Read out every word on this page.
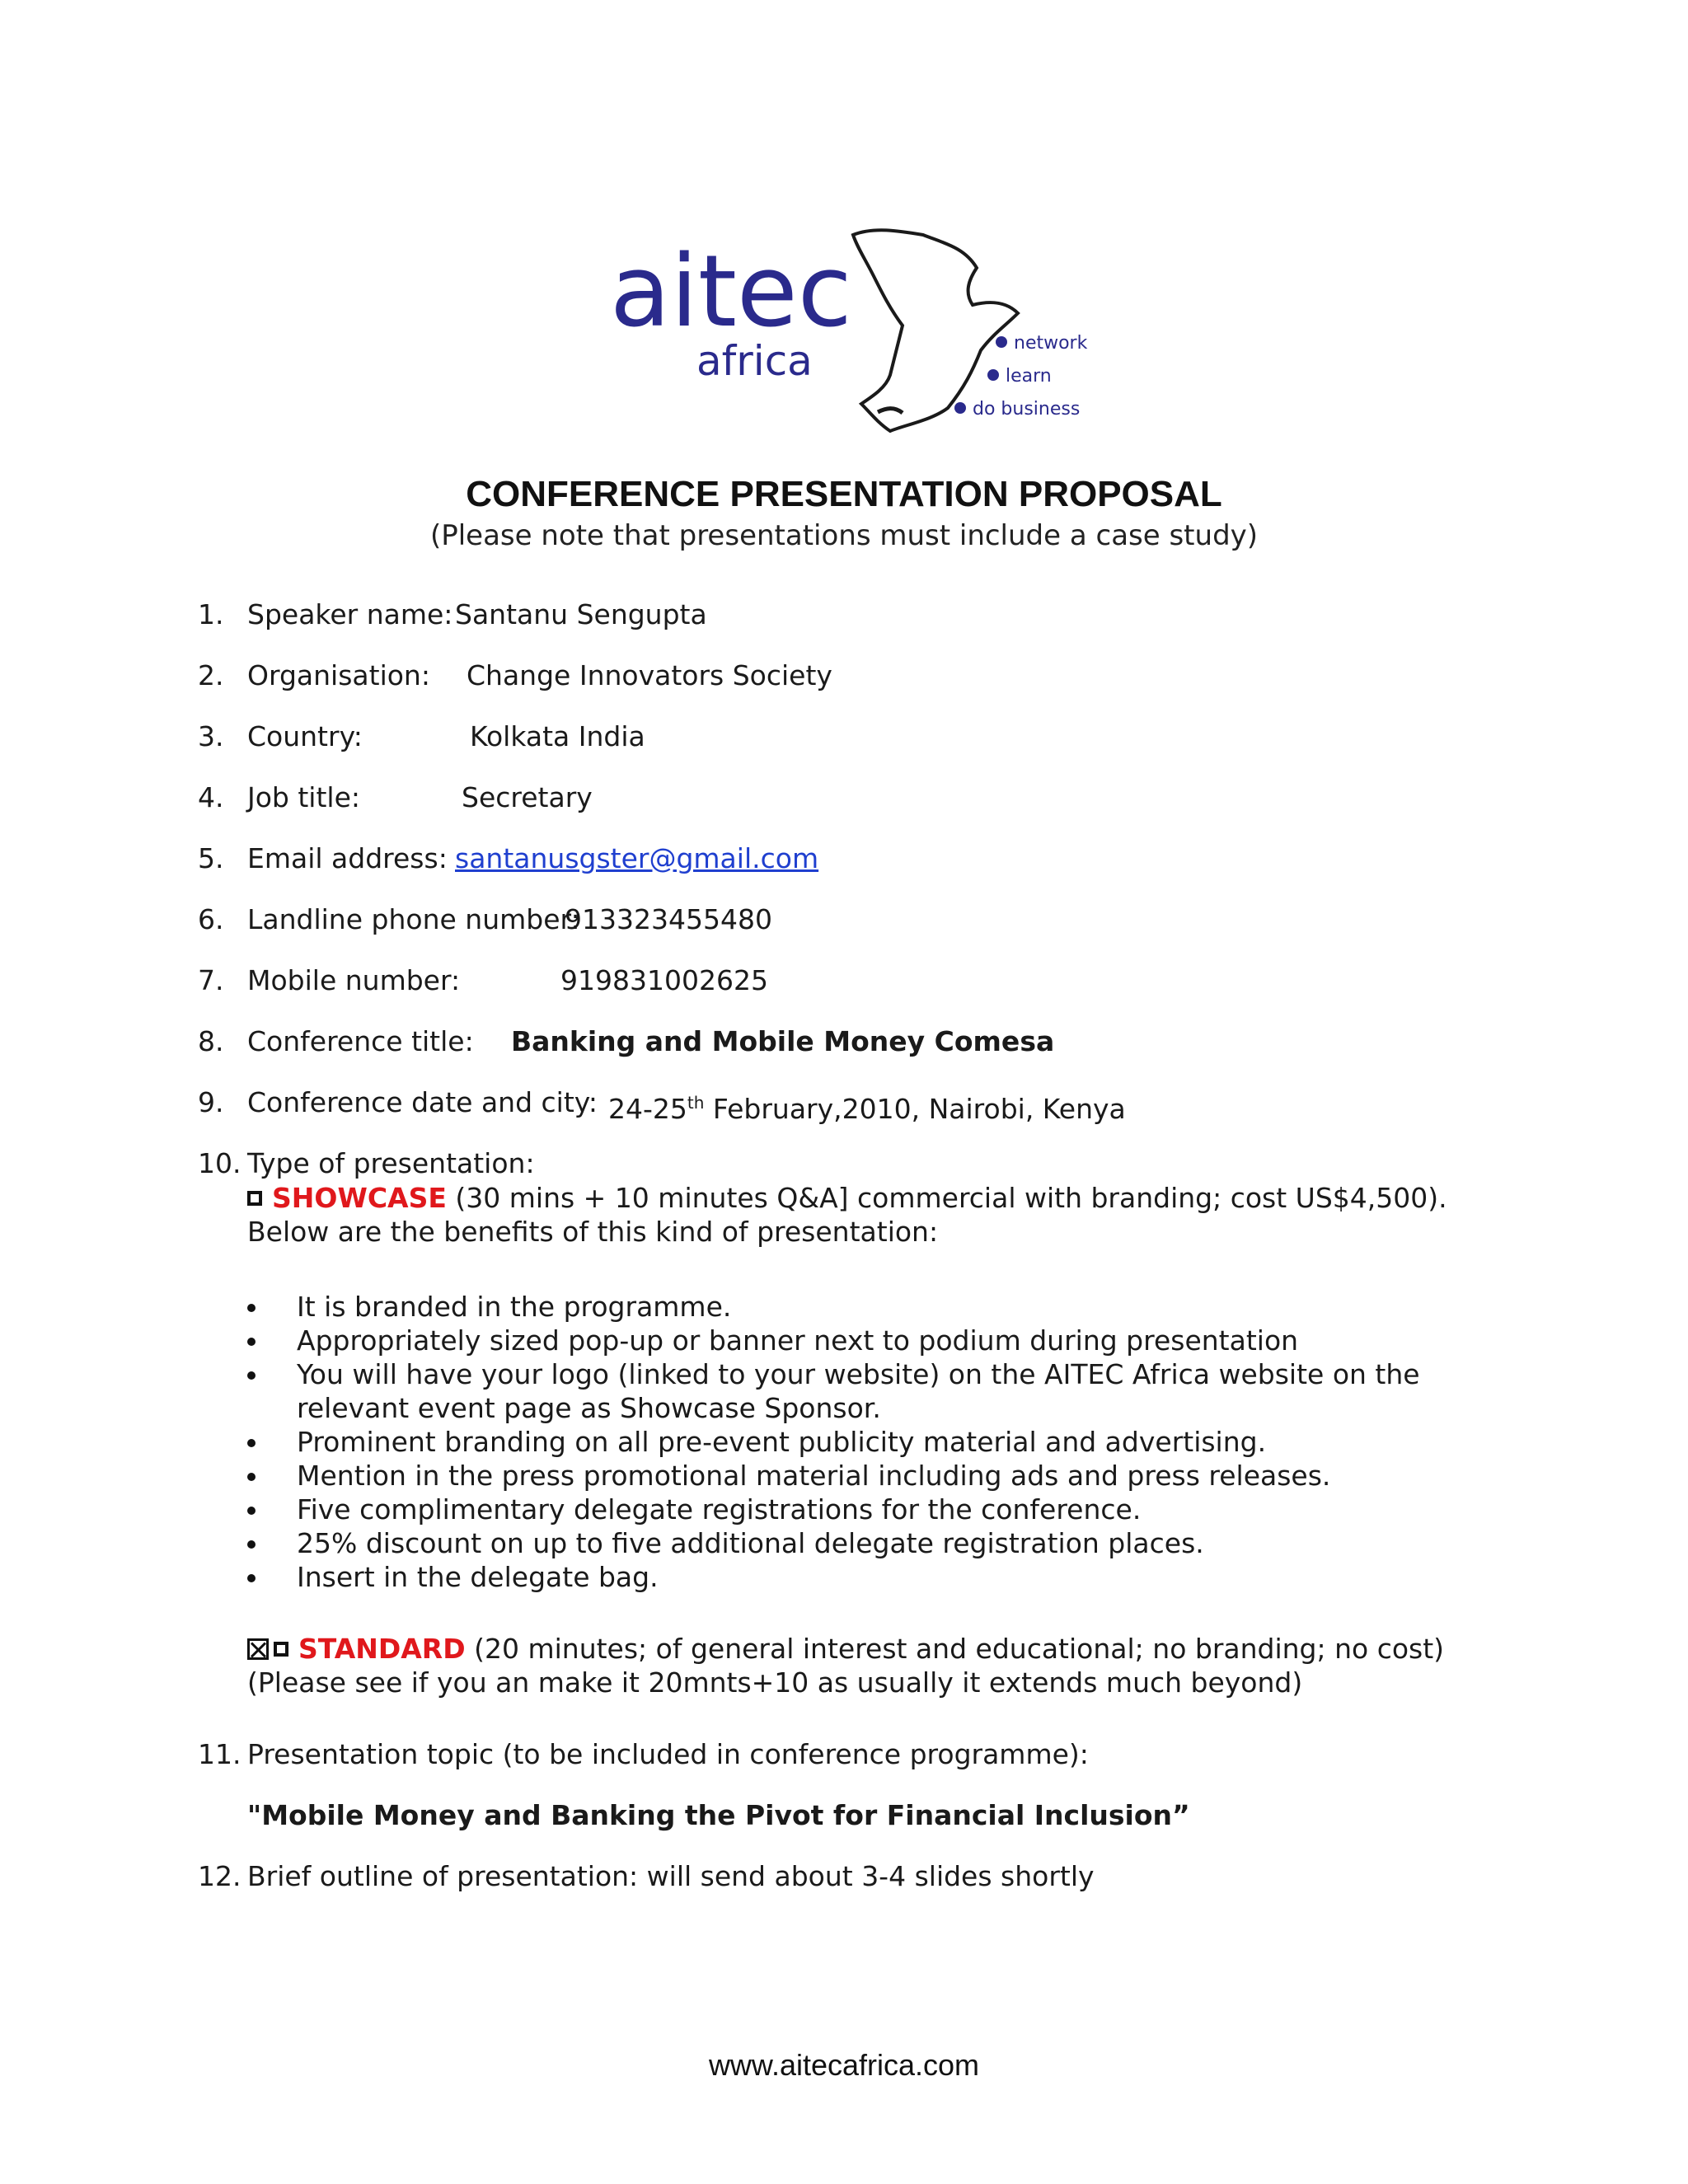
aitec
africa	network
learn
do business
CONFERENCE PRESENTATION PROPOSAL
(Please note that presentations must include a case study)
1. Speaker name: Santanu Sengupta
2. Organisation: Change Innovators Society
3. Country:	Kolkata India
4. Job title:	Secretary
5. Email address: santanusgster@gmail.com
6. Landline phone number:
913323455480
7. Mobile number:	919831002625
8. Conference title: Banking and Mobile Money Comesa
9. Conference date and city: 24-25th February,2010, Nairobi, Kenya
10. Type of presentation:
SHOWCASE (30 mins + 10 minutes Q&A] commercial with branding; cost US$4,500). Below are the benefits of this kind of presentation:
It is branded in the programme.
Appropriately sized pop-up or banner next to podium during presentation
You will have your logo (linked to your website) on the AITEC Africa website on the relevant event page as Showcase Sponsor.
Prominent branding on all pre-event publicity material and advertising.
Mention in the press promotional material including ads and press releases.
Five complimentary delegate registrations for the conference.
25% discount on up to five additional delegate registration places.
Insert in the delegate bag.
STANDARD (20 minutes; of general interest and educational; no branding; no cost)
(Please see if you an make it 20mnts+10 as usually it extends much beyond)
11. Presentation topic (to be included in conference programme):
"Mobile Money and Banking the Pivot for Financial Inclusion”
12. Brief outline of presentation: will send about 3-4 slides shortly
www.aitecafrica.com
